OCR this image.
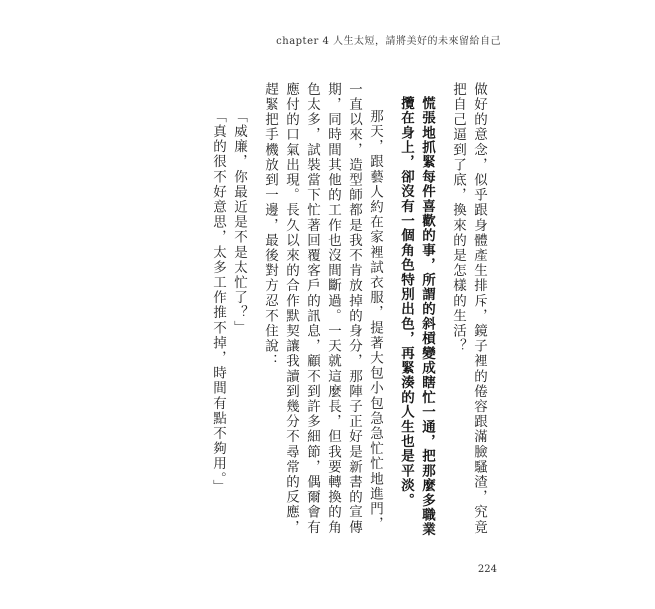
chapter 4 人生太短，請將美好的未來留給自己

做好的意念，似乎跟身體產生排斥，鏡子裡的倦容跟滿臉騷渣，究竟把自己逼到了底，換來的是怎樣的生活？

慌張地抓緊每件喜歡的事，所謂的斜槓變成瞎忙一通，把那麼多職業攬在身上，卻沒有一個角色特別出色，再緊湊的人生也是平淡。

那天，跟藝人約在家裡試衣服，提著大包小包急急忙忙地進門，一直以來，造型師都是我不肯放掉的身分，那陣子正好是新書的宣傳期，同時間其他的工作也沒間斷過。一天就這麼長，但我要轉換的角色太多，試裝當下忙著回覆客戶的訊息，顧不到許多細節，偶爾會有應付的口氣出現。長久以來的合作默契讓我讀到幾分不尋常的反應，趕緊把手機放到一邊，最後對方忍不住說：

「威廉，你最近是不是太忙了？」

「真的很不好意思，太多工作推不掉，時間有點不夠用。」

224
